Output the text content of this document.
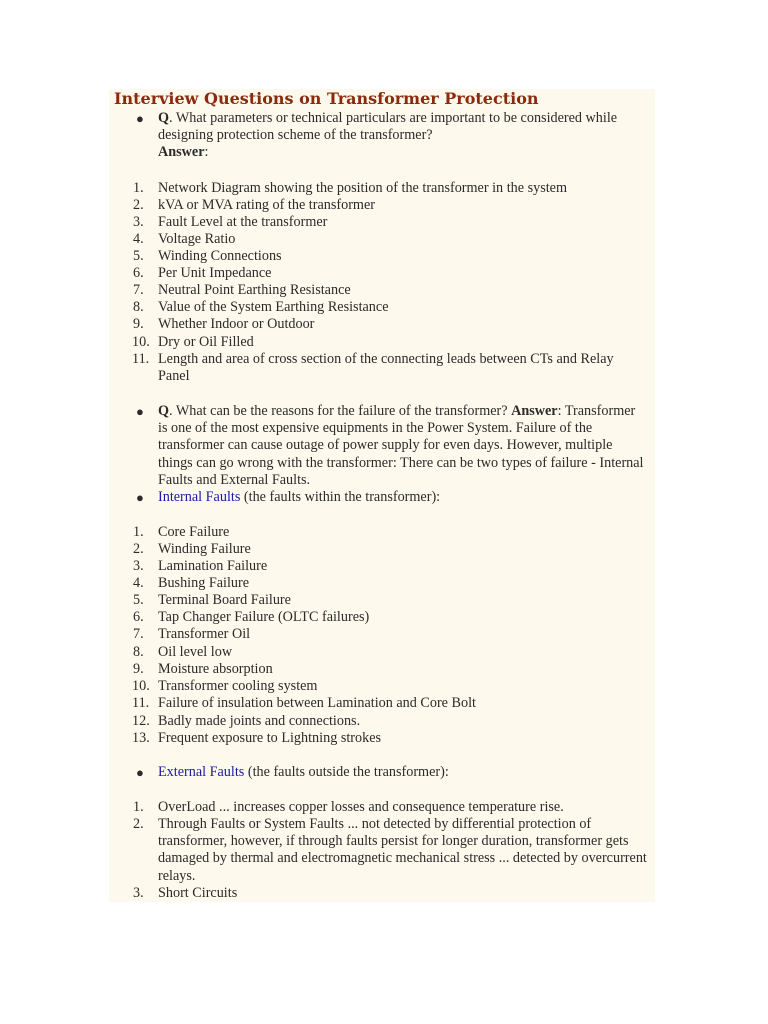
Interview Questions on Transformer Protection
● Q. What parameters or technical particulars are important to be considered while designing protection scheme of the transformer?
Answer:
1.	Network Diagram showing the position of the transformer in the system
2.	kVA or MVA rating of the transformer
3.	Fault Level at the transformer
4.	Voltage Ratio
5.	Winding Connections
6.	Per Unit Impedance
7.	Neutral Point Earthing Resistance
8.	Value of the System Earthing Resistance
9.	Whether Indoor or Outdoor
10. Dry or Oil Filled
11. Length and area of cross section of the connecting leads between CTs and Relay Panel
● Q. What can be the reasons for the failure of the transformer? Answer: Transformer is one of the most expensive equipments in the Power System. Failure of the transformer can cause outage of power supply for even days. However, multiple things can go wrong with the transformer: There can be two types of failure - Internal Faults and External Faults.
● Internal Faults (the faults within the transformer):
1.	Core Failure
2.	Winding Failure
3.	Lamination Failure
4.	Bushing Failure
5.	Terminal Board Failure
6.	Tap Changer Failure (OLTC failures)
7.	Transformer Oil
8.	Oil level low
9.	Moisture absorption
10. Transformer cooling system
11. Failure of insulation between Lamination and Core Bolt
12. Badly made joints and connections.
13. Frequent exposure to Lightning strokes
● External Faults (the faults outside the transformer):
1.	OverLoad ... increases copper losses and consequence temperature rise.
2.	Through Faults or System Faults ... not detected by differential protection of transformer, however, if through faults persist for longer duration, transformer gets damaged by thermal and electromagnetic mechanical stress ... detected by overcurrent relays.
3.	Short Circuits
